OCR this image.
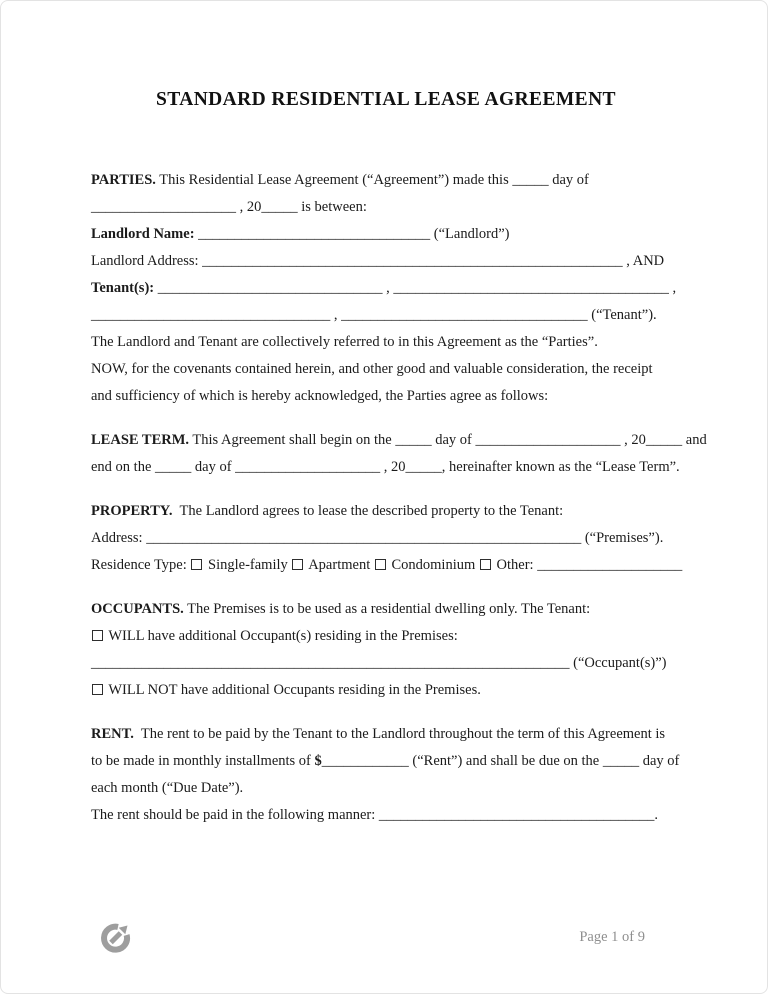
STANDARD RESIDENTIAL LEASE AGREEMENT
PARTIES. This Residential Lease Agreement (“Agreement”) made this _____ day of
____________________ , 20_____ is between:
Landlord Name: ________________________________ (“Landlord”)
Landlord Address: __________________________________________________________ , AND
Tenant(s): _______________________________ , ______________________________________ ,
_________________________________ , __________________________________ (“Tenant”).
The Landlord and Tenant are collectively referred to in this Agreement as the “Parties”.
NOW, for the covenants contained herein, and other good and valuable consideration, the receipt
and sufficiency of which is hereby acknowledged, the Parties agree as follows:
LEASE TERM. This Agreement shall begin on the _____ day of ____________________ , 20_____ and
end on the _____ day of ____________________ , 20_____, hereinafter known as the “Lease Term”.
PROPERTY.  The Landlord agrees to lease the described property to the Tenant:
Address: ____________________________________________________________ (“Premises”).
Residence Type:  Single-family  Apartment  Condominium  Other: ____________________
OCCUPANTS. The Premises is to be used as a residential dwelling only. The Tenant:
WILL have additional Occupant(s) residing in the Premises:
__________________________________________________________________ (“Occupant(s)”)
WILL NOT have additional Occupants residing in the Premises.
RENT.  The rent to be paid by the Tenant to the Landlord throughout the term of this Agreement is
to be made in monthly installments of $____________ (“Rent”) and shall be due on the _____ day of
each month (“Due Date”).
The rent should be paid in the following manner: ______________________________________.
Page 1 of 9
